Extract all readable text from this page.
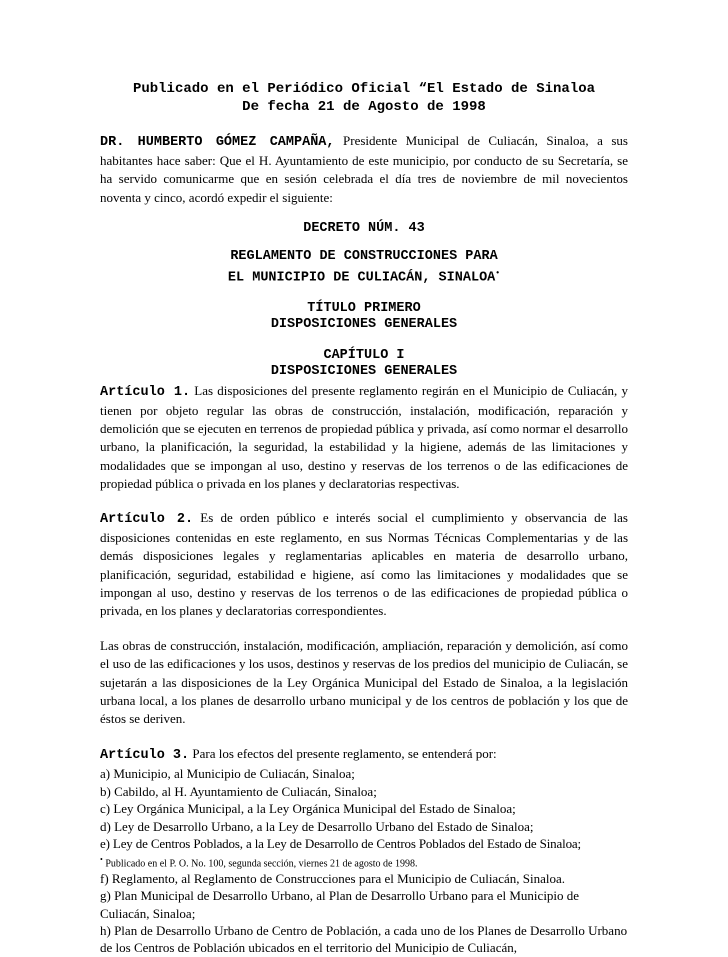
Publicado en el Periódico Oficial “El Estado de Sinaloa
De fecha 21 de Agosto de 1998

DR. HUMBERTO GÓMEZ CAMPAÑA, Presidente Municipal de Culiacán, Sinaloa, a sus habitantes hace saber: Que el H. Ayuntamiento de este municipio, por conducto de su Secretaría, se ha servido comunicarme que en sesión celebrada el día tres de noviembre de mil novecientos noventa y cinco, acordó expedir el siguiente:

DECRETO NÚM. 43
REGLAMENTO DE CONSTRUCCIONES PARA
EL MUNICIPIO DE CULIACÁN, SINALOA•
TÍTULO PRIMERO
DISPOSICIONES GENERALES
CAPÍTULO I
DISPOSICIONES GENERALES

Artículo 1. Las disposiciones del presente reglamento regirán en el Municipio de Culiacán, y tienen por objeto regular las obras de construcción, instalación, modificación, reparación y demolición que se ejecuten en terrenos de propiedad pública y privada, así como normar el desarrollo urbano, la planificación, la seguridad, la estabilidad y la higiene, además de las limitaciones y modalidades que se impongan al uso, destino y reservas de los terrenos o de las edificaciones de propiedad pública o privada en los planes y declaratorias respectivas.

Artículo 2. Es de orden público e interés social el cumplimiento y observancia de las disposiciones contenidas en este reglamento, en sus Normas Técnicas Complementarias y de las demás disposiciones legales y reglamentarias aplicables en materia de desarrollo urbano, planificación, seguridad, estabilidad e higiene, así como las limitaciones y modalidades que se impongan al uso, destino y reservas de los terrenos o de las edificaciones de propiedad pública o privada, en los planes y declaratorias correspondientes.

Las obras de construcción, instalación, modificación, ampliación, reparación y demolición, así como el uso de las edificaciones y los usos, destinos y reservas de los predios del municipio de Culiacán, se sujetarán a las disposiciones de la Ley Orgánica Municipal del Estado de Sinaloa, a la legislación urbana local, a los planes de desarrollo urbano municipal y de los centros de población y los que de éstos se deriven.

Artículo 3. Para los efectos del presente reglamento, se entenderá por:

a) Municipio, al Municipio de Culiacán, Sinaloa;

b) Cabildo, al H. Ayuntamiento de Culiacán, Sinaloa;

c) Ley Orgánica Municipal, a la Ley Orgánica Municipal del Estado de Sinaloa;

d) Ley de Desarrollo Urbano, a la Ley de Desarrollo Urbano del Estado de Sinaloa;

e) Ley de Centros Poblados, a la Ley de Desarrollo de Centros Poblados del Estado de Sinaloa;

• Publicado en el P. O. No. 100, segunda sección, viernes 21 de agosto de 1998.

f) Reglamento, al Reglamento de Construcciones para el Municipio de Culiacán, Sinaloa.

g) Plan Municipal de Desarrollo Urbano, al Plan de Desarrollo Urbano para el Municipio de Culiacán, Sinaloa;

h) Plan de Desarrollo Urbano de Centro de Población, a cada uno de los Planes de Desarrollo Urbano de los Centros de Población ubicados en el territorio del Municipio de Culiacán,
